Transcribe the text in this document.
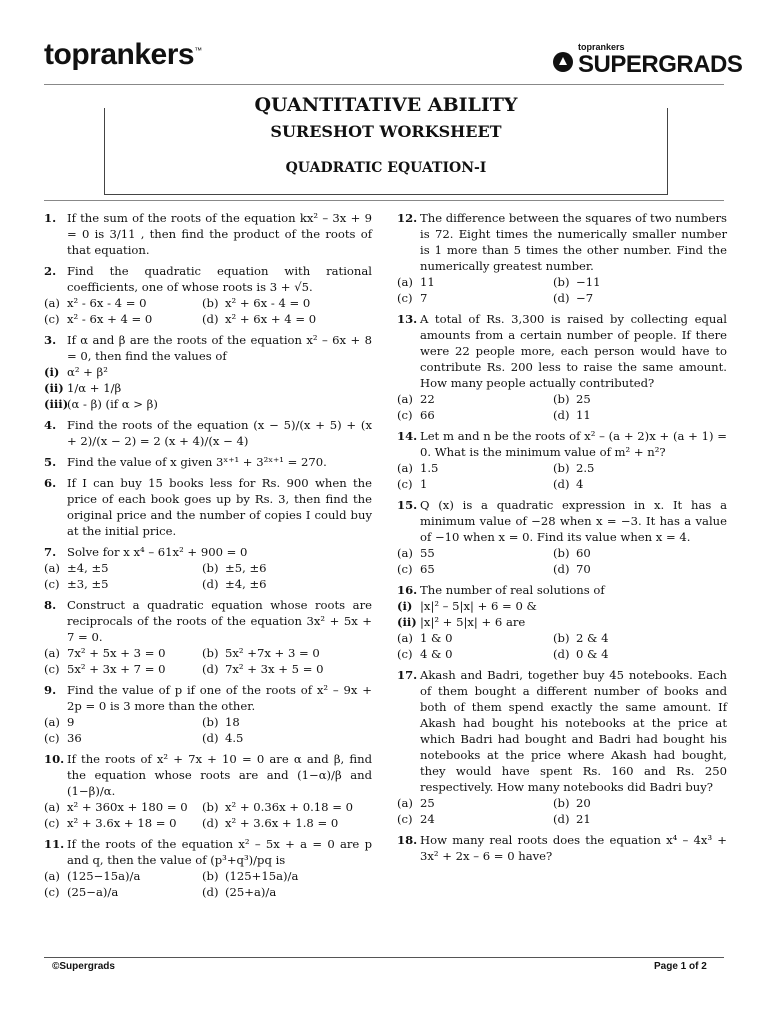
toprankers™	toprankers
SUPERGRADS
QUANTITATIVE ABILITY
SURESHOT WORKSHEET
QUADRATIC EQUATION-I
1. If the sum of the roots of the equation kx² – 3x + 9 = 0 is 3/11 , then find the product of the roots of that equation.
2. Find the quadratic equation with rational coefficients, one of whose roots is 3 + √5.
(a) x² - 6x - 4 = 0	(b) x² + 6x - 4 = 0
(c) x² - 6x + 4 = 0	(d) x² + 6x + 4 = 0
3. If α and β are the roots of the equation x² – 6x + 8 = 0, then find the values of
(i) α² + β²
(ii) 1/α + 1/β
(iii)
(α - β) (if α > β)
4. Find the roots of the equation (x − 5)/(x + 5) + (x + 2)/(x − 2) = 2 (x + 4)/(x − 4)
5. Find the value of x given 3ˣ⁺¹ + 3²ˣ⁺¹ = 270.
6. If I can buy 15 books less for Rs. 900 when the price of each book goes up by Rs. 3, then find the original price and the number of copies I could buy at the initial price.
7. Solve for x x⁴ – 61x² + 900 = 0
(a) ±4, ±5	(b) ±5, ±6
(c) ±3, ±5	(d) ±4, ±6
8. Construct a quadratic equation whose roots are reciprocals of the roots of the equation 3x² + 5x + 7 = 0.
(a) 7x² + 5x + 3 = 0	(b) 5x² +7x + 3 = 0
(c) 5x² + 3x + 7 = 0	(d) 7x² + 3x + 5 = 0
9. Find the value of p if one of the roots of x² – 9x + 2p = 0 is 3 more than the other.
(a) 9	(b) 18
(c) 36	(d) 4.5
10. If the roots of x² + 7x + 10 = 0 are α and β, find the equation whose roots are and (1−α)/β and (1−β)/α.
(a) x² + 360x + 180 = 0 (b) x² + 0.36x + 0.18 = 0
(c) x² + 3.6x + 18 = 0 (d) x² + 3.6x + 1.8 = 0
11. If the roots of the equation x² – 5x + a = 0 are p and q, then the value of (p³+q³)/pq is
(a) (125−15a)/a	(b) (125+15a)/a
(c) (25−a)/a	(d) (25+a)/a
12. The difference between the squares of two numbers is 72. Eight times the numerically smaller number is 1 more than 5 times the other number. Find the numerically greatest number.
(a) 11	(b) −11
(c) 7	(d) −7
13. A total of Rs. 3,300 is raised by collecting equal amounts from a certain number of people. If there were 22 people more, each person would have to contribute Rs. 200 less to raise the same amount. How many people actually contributed?
(a) 22	(b) 25
(c) 66	(d) 11
14. Let m and n be the roots of x² – (a + 2)x + (a + 1) = 0. What is the minimum value of m² + n²?
(a) 1.5	(b) 2.5
(c) 1	(d) 4
15. Q (x) is a quadratic expression in x. It has a minimum value of −28 when x = −3. It has a value of −10 when x = 0. Find its value when x = 4.
(a) 55	(b) 60
(c) 65	(d) 70
16. The number of real solutions of
(i) |x|² – 5|x| + 6 = 0 &
(ii) |x|² + 5|x| + 6 are
(a) 1 & 0	(b) 2 & 4
(c) 4 & 0	(d) 0 & 4
17. Akash and Badri, together buy 45 notebooks. Each of them bought a different number of books and both of them spend exactly the same amount. If Akash had bought his notebooks at the price at which Badri had bought and Badri had bought his notebooks at the price where Akash had bought, they would have spent Rs. 160 and Rs. 250 respectively. How many notebooks did Badri buy?
(a) 25	(b) 20
(c) 24	(d) 21
18. How many real roots does the equation x⁴ – 4x³ + 3x² + 2x – 6 = 0 have?
©Supergrads	Page 1 of 2
